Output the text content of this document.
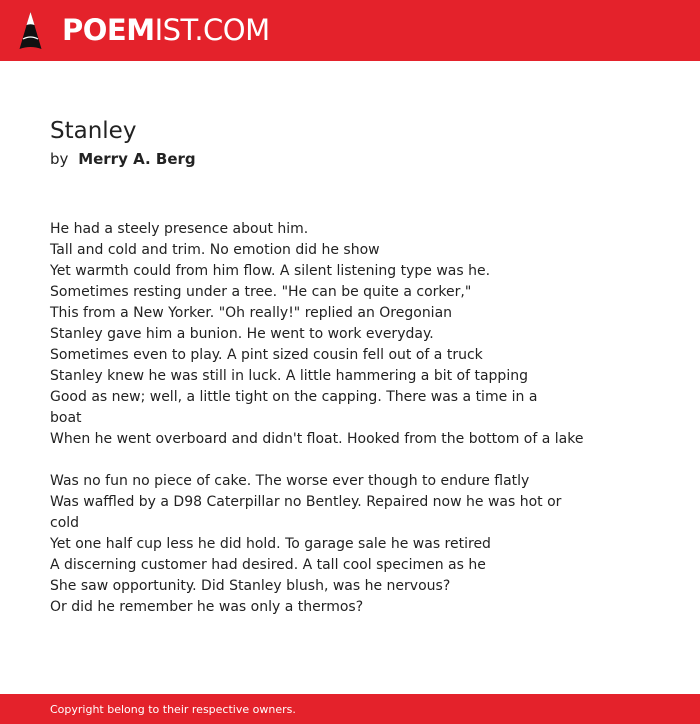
POEMIST.COM
Stanley
by Merry A. Berg
He had a steely presence about him.
Tall and cold and trim. No emotion did he show
Yet warmth could from him flow. A silent listening type was he.
Sometimes resting under a tree. "He can be quite a corker,"
This from a New Yorker. "Oh really!" replied an Oregonian
Stanley gave him a bunion. He went to work everyday.
Sometimes even to play. A pint sized cousin fell out of a truck
Stanley knew he was still in luck. A little hammering a bit of tapping
Good as new; well, a little tight on the capping. There was a time in a
boat
When he went overboard and didn't float. Hooked from the bottom of a lake
Was no fun no piece of cake. The worse ever though to endure flatly
Was waffled by a D98 Caterpillar no Bentley. Repaired now he was hot or
cold
Yet one half cup less he did hold. To garage sale he was retired
A discerning customer had desired. A tall cool specimen as he
She saw opportunity. Did Stanley blush, was he nervous?
Or did he remember he was only a thermos?
Copyright belong to their respective owners.
